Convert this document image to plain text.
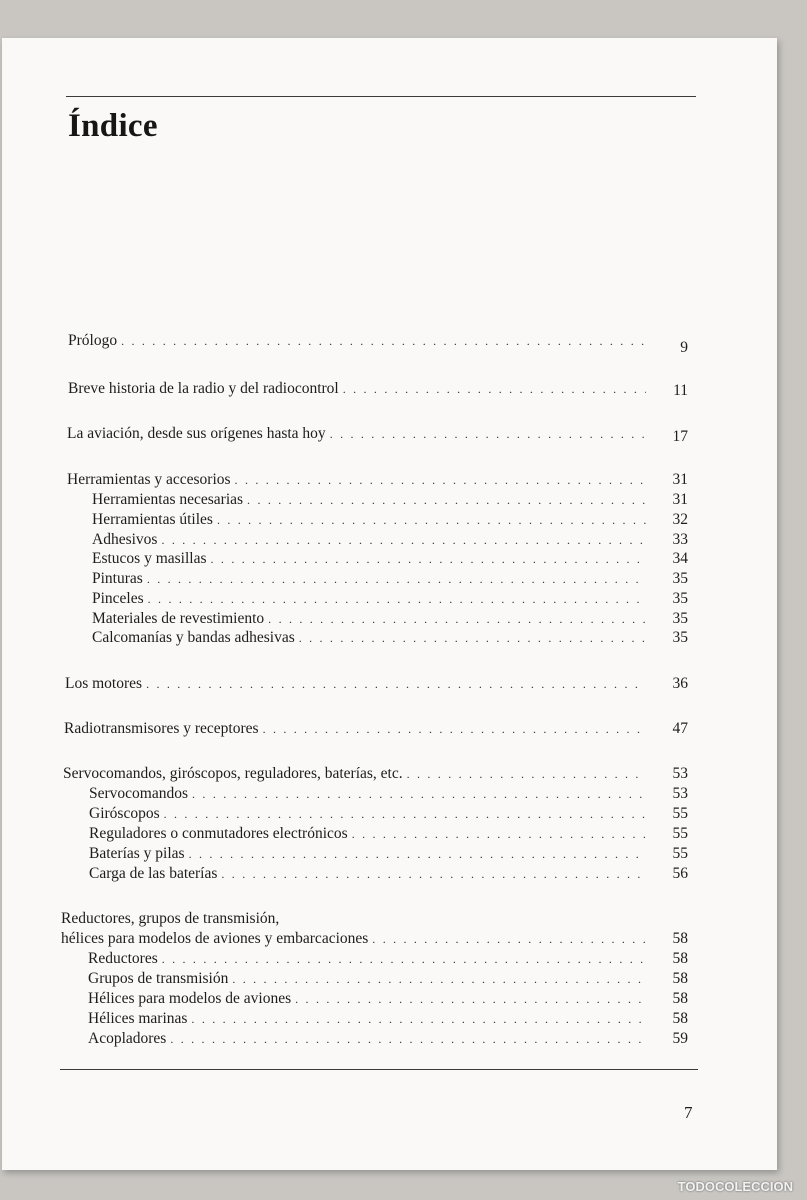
Índice
Prólogo . . .	9
Breve historia de la radio y del radiocontrol . . .	11
La aviación, desde sus orígenes hasta hoy . . .	17
Herramientas y accesorios . . .	31
Herramientas necesarias . . .	31
Herramientas útiles . . .	32
Adhesivos . . .	33
Estucos y masillas . . .	34
Pinturas . . .	35
Pinceles . . .	35
Materiales de revestimiento . . .	35
Calcomanías y bandas adhesivas . . .	35
Los motores . . .	36
Radiotransmisores y receptores . . .	47
Servocomandos, giróscopos, reguladores, baterías, etc. . . .	53
Servocomandos . . .	53
Giróscopos . . .	55
Reguladores o conmutadores electrónicos . . .	55
Baterías y pilas . . .	55
Carga de las baterías . . .	56
Reductores, grupos de transmisión,
hélices para modelos de aviones y embarcaciones . . .	58
Reductores . . .	58
Grupos de transmisión . . .	58
Hélices para modelos de aviones . . .	58
Hélices marinas . . .	58
Acopladores . . .	59
7
TODOCOLECCION
